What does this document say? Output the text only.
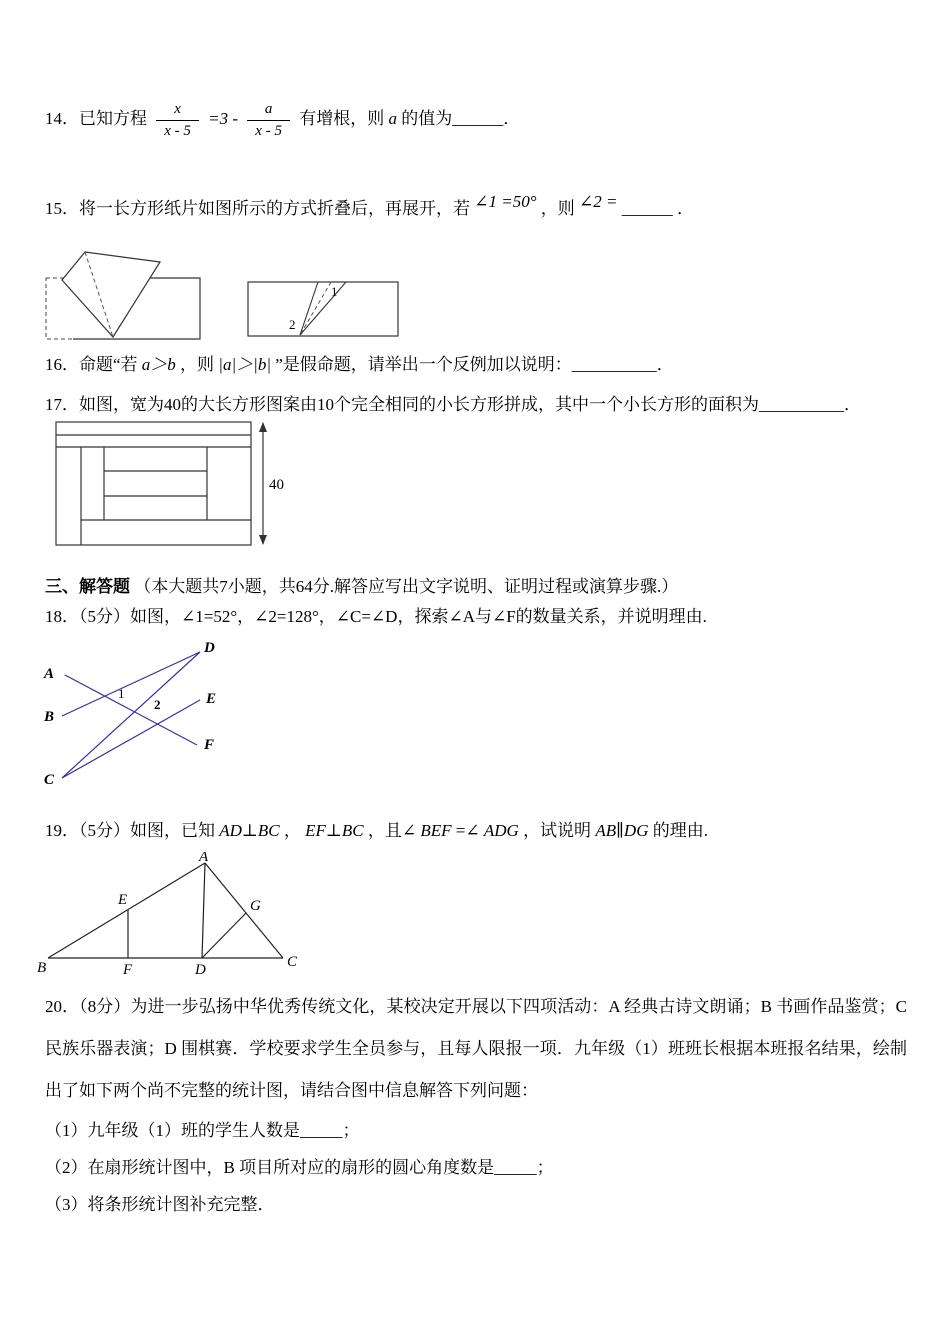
14．已知方程 $\frac{x}{x - 5} =3 - \frac{a}{x - 5}$ 有增根，则 a 的值为______．
15．将一长方形纸片如图所示的方式折叠后，再展开，若 ∠1 =50° ，则 ∠2 = ______ ．
1
2
16．命题“若 a＞b ，则 |a|＞|b| ”是假命题，请举出一个反例加以说明：__________．
17．如图，宽为40的大长方形图案由10个完全相同的小长方形拼成，其中一个小长方形的面积为__________．
40
三、解答题 （本大题共7小题，共64分.解答应写出文字说明、证明过程或演算步骤.）
18．（5分）如图，∠1=52°，∠2=128°，∠C=∠D，探索∠A与∠F的数量关系，并说明理由.
A
B
C
D
E
F
1
2
19．（5分）如图，已知 AD⊥BC ， EF⊥BC ，且∠ BEF =∠ ADG ，试说明 AB∥DG 的理由.
A
E	G
B	F	D	C
20．（8分）为进一步弘扬中华优秀传统文化，某校决定开展以下四项活动：A 经典古诗文朗诵；B 书画作品鉴赏；C 民族乐器表演；D 围棋赛．学校要求学生全员参与，且每人限报一项．九年级（1）班班长根据本班报名结果，绘制出了如下两个尚不完整的统计图，请结合图中信息解答下列问题：
（1）九年级（1）班的学生人数是_____；
（2）在扇形统计图中，B 项目所对应的扇形的圆心角度数是_____；
（3）将条形统计图补充完整．
